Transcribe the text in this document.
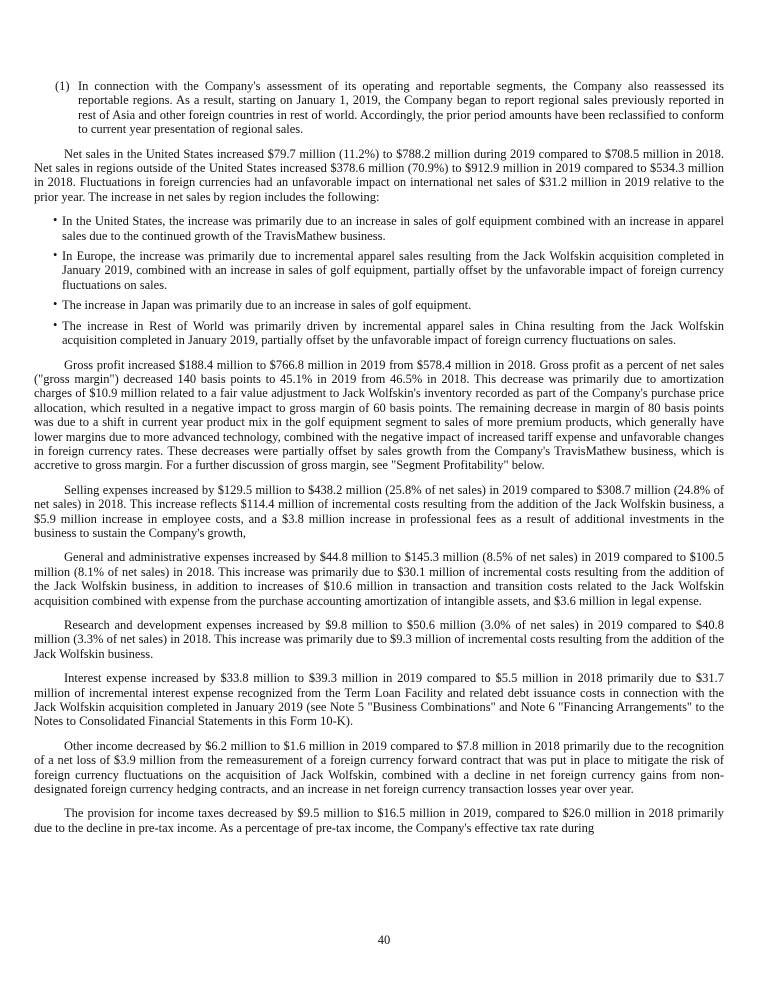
(1) In connection with the Company's assessment of its operating and reportable segments, the Company also reassessed its reportable regions. As a result, starting on January 1, 2019, the Company began to report regional sales previously reported in rest of Asia and other foreign countries in rest of world. Accordingly, the prior period amounts have been reclassified to conform to current year presentation of regional sales.

Net sales in the United States increased $79.7 million (11.2%) to $788.2 million during 2019 compared to $708.5 million in 2018. Net sales in regions outside of the United States increased $378.6 million (70.9%) to $912.9 million in 2019 compared to $534.3 million in 2018. Fluctuations in foreign currencies had an unfavorable impact on international net sales of $31.2 million in 2019 relative to the prior year. The increase in net sales by region includes the following:

• In the United States, the increase was primarily due to an increase in sales of golf equipment combined with an increase in apparel sales due to the continued growth of the TravisMathew business.
• In Europe, the increase was primarily due to incremental apparel sales resulting from the Jack Wolfskin acquisition completed in January 2019, combined with an increase in sales of golf equipment, partially offset by the unfavorable impact of foreign currency fluctuations on sales.
• The increase in Japan was primarily due to an increase in sales of golf equipment.
• The increase in Rest of World was primarily driven by incremental apparel sales in China resulting from the Jack Wolfskin acquisition completed in January 2019, partially offset by the unfavorable impact of foreign currency fluctuations on sales.

Gross profit increased $188.4 million to $766.8 million in 2019 from $578.4 million in 2018. Gross profit as a percent of net sales ("gross margin") decreased 140 basis points to 45.1% in 2019 from 46.5% in 2018. This decrease was primarily due to amortization charges of $10.9 million related to a fair value adjustment to Jack Wolfskin's inventory recorded as part of the Company's purchase price allocation, which resulted in a negative impact to gross margin of 60 basis points. The remaining decrease in margin of 80 basis points was due to a shift in current year product mix in the golf equipment segment to sales of more premium products, which generally have lower margins due to more advanced technology, combined with the negative impact of increased tariff expense and unfavorable changes in foreign currency rates. These decreases were partially offset by sales growth from the Company's TravisMathew business, which is accretive to gross margin. For a further discussion of gross margin, see "Segment Profitability" below.

Selling expenses increased by $129.5 million to $438.2 million (25.8% of net sales) in 2019 compared to $308.7 million (24.8% of net sales) in 2018. This increase reflects $114.4 million of incremental costs resulting from the addition of the Jack Wolfskin business, a $5.9 million increase in employee costs, and a $3.8 million increase in professional fees as a result of additional investments in the business to sustain the Company's growth,

General and administrative expenses increased by $44.8 million to $145.3 million (8.5% of net sales) in 2019 compared to $100.5 million (8.1% of net sales) in 2018. This increase was primarily due to $30.1 million of incremental costs resulting from the addition of the Jack Wolfskin business, in addition to increases of $10.6 million in transaction and transition costs related to the Jack Wolfskin acquisition combined with expense from the purchase accounting amortization of intangible assets, and $3.6 million in legal expense.

Research and development expenses increased by $9.8 million to $50.6 million (3.0% of net sales) in 2019 compared to $40.8 million (3.3% of net sales) in 2018. This increase was primarily due to $9.3 million of incremental costs resulting from the addition of the Jack Wolfskin business.

Interest expense increased by $33.8 million to $39.3 million in 2019 compared to $5.5 million in 2018 primarily due to $31.7 million of incremental interest expense recognized from the Term Loan Facility and related debt issuance costs in connection with the Jack Wolfskin acquisition completed in January 2019 (see Note 5 "Business Combinations" and Note 6 "Financing Arrangements" to the Notes to Consolidated Financial Statements in this Form 10-K).

Other income decreased by $6.2 million to $1.6 million in 2019 compared to $7.8 million in 2018 primarily due to the recognition of a net loss of $3.9 million from the remeasurement of a foreign currency forward contract that was put in place to mitigate the risk of foreign currency fluctuations on the acquisition of Jack Wolfskin, combined with a decline in net foreign currency gains from non-designated foreign currency hedging contracts, and an increase in net foreign currency transaction losses year over year.

The provision for income taxes decreased by $9.5 million to $16.5 million in 2019, compared to $26.0 million in 2018 primarily due to the decline in pre-tax income. As a percentage of pre-tax income, the Company's effective tax rate during

40
